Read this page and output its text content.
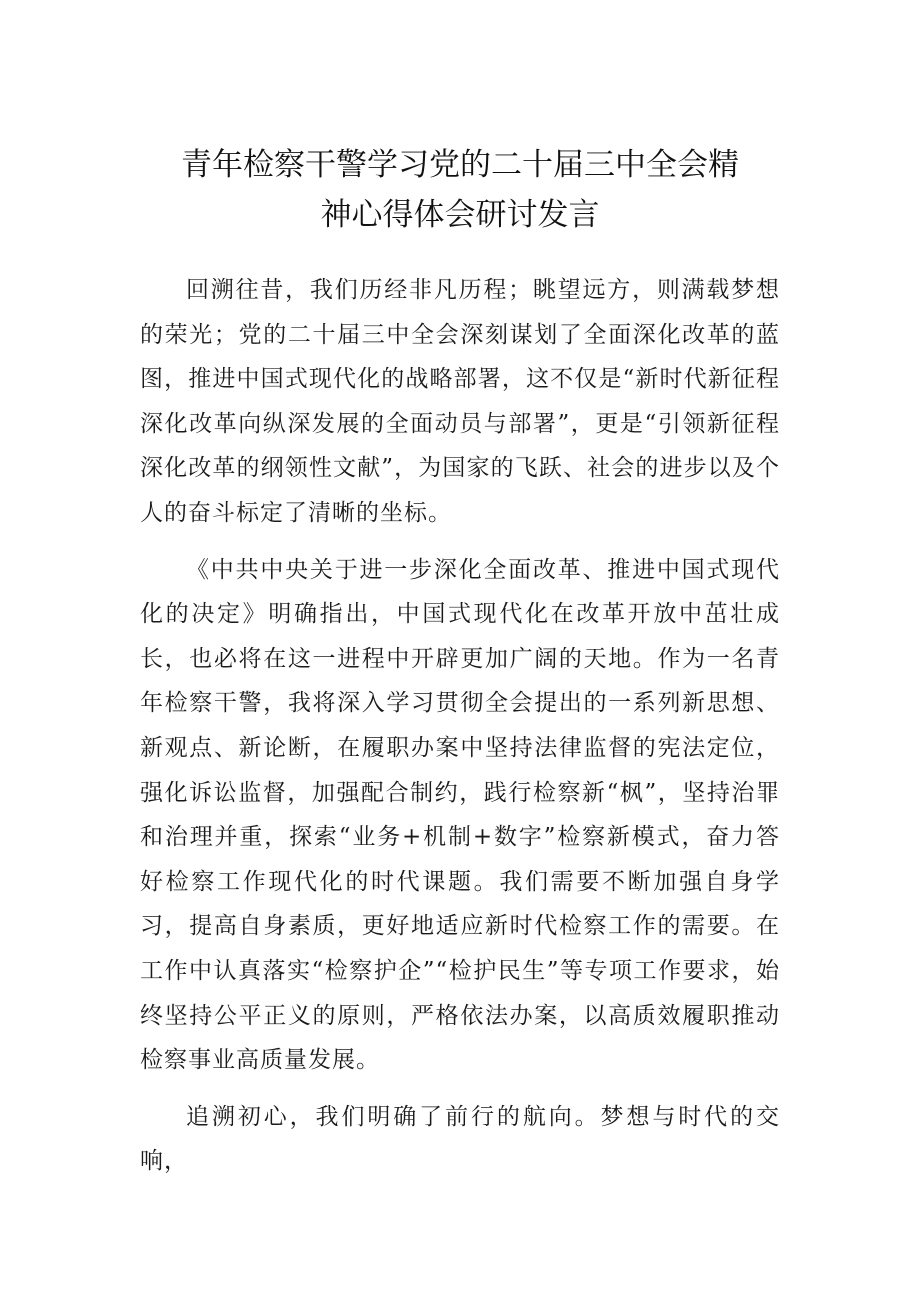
青年检察干警学习党的二十届三中全会精
神心得体会研讨发言

回溯往昔，我们历经非凡历程；眺望远方，则满载梦想的荣光；党的二十届三中全会深刻谋划了全面深化改革的蓝图，推进中国式现代化的战略部署，这不仅是“新时代新征程深化改革向纵深发展的全面动员与部署”，更是“引领新征程深化改革的纲领性文献”，为国家的飞跃、社会的进步以及个人的奋斗标定了清晰的坐标。

《中共中央关于进一步深化全面改革、推进中国式现代化的决定》明确指出，中国式现代化在改革开放中茁壮成长，也必将在这一进程中开辟更加广阔的天地。作为一名青年检察干警，我将深入学习贯彻全会提出的一系列新思想、新观点、新论断，在履职办案中坚持法律监督的宪法定位，强化诉讼监督，加强配合制约，践行检察新“枫”，坚持治罪和治理并重，探索“业务+机制+数字”检察新模式，奋力答好检察工作现代化的时代课题。我们需要不断加强自身学习，提高自身素质，更好地适应新时代检察工作的需要。在工作中认真落实“检察护企”“检护民生”等专项工作要求，始终坚持公平正义的原则，严格依法办案，以高质效履职推动检察事业高质量发展。

追溯初心，我们明确了前行的航向。梦想与时代的交响，
